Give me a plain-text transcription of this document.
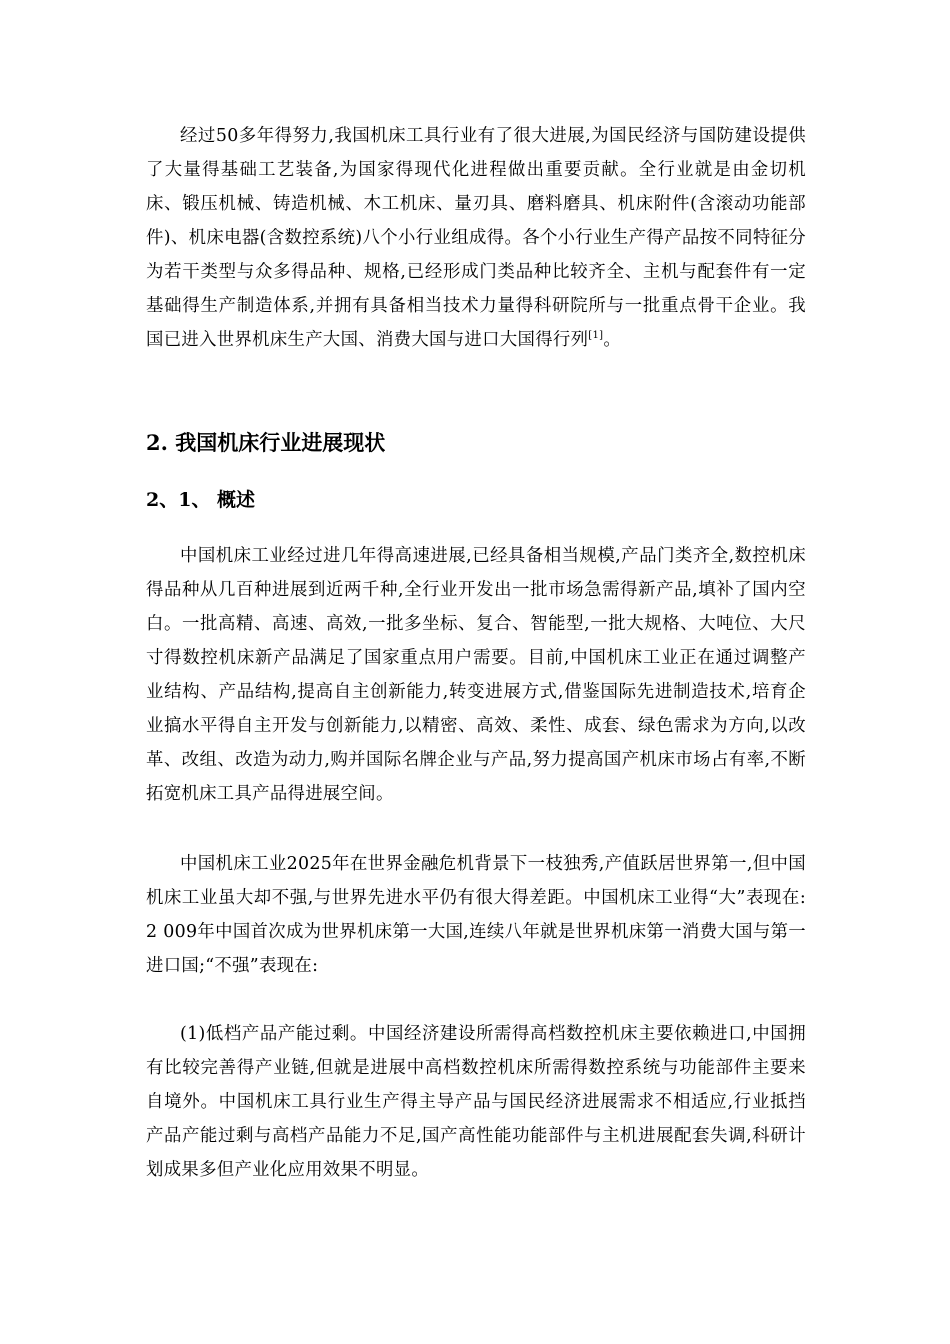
经过50多年得努力,我国机床工具行业有了很大进展,为国民经济与国防建设提供了大量得基础工艺装备,为国家得现代化进程做出重要贡献。全行业就是由金切机床、锻压机械、铸造机械、木工机床、量刃具、磨料磨具、机床附件(含滚动功能部件)、机床电器(含数控系统)八个小行业组成得。各个小行业生产得产品按不同特征分为若干类型与众多得品种、规格,已经形成门类品种比较齐全、主机与配套件有一定基础得生产制造体系,并拥有具备相当技术力量得科研院所与一批重点骨干企业。我国已进入世界机床生产大国、消费大国与进口大国得行列[1]。

2. 我国机床行业进展现状
2、1、 概述

中国机床工业经过进几年得高速进展,已经具备相当规模,产品门类齐全,数控机床得品种从几百种进展到近两千种,全行业开发出一批市场急需得新产品,填补了国内空白。一批高精、高速、高效,一批多坐标、复合、智能型,一批大规格、大吨位、大尺寸得数控机床新产品满足了国家重点用户需要。目前,中国机床工业正在通过调整产业结构、产品结构,提高自主创新能力,转变进展方式,借鉴国际先进制造技术,培育企业搞水平得自主开发与创新能力,以精密、高效、柔性、成套、绿色需求为方向,以改革、改组、改造为动力,购并国际名牌企业与产品,努力提高国产机床市场占有率,不断拓宽机床工具产品得进展空间。

中国机床工业2025年在世界金融危机背景下一枝独秀,产值跃居世界第一,但中国机床工业虽大却不强,与世界先进水平仍有很大得差距。中国机床工业得“大”表现在:2 009年中国首次成为世界机床第一大国,连续八年就是世界机床第一消费大国与第一进口国;“不强”表现在:

(1)低档产品产能过剩。中国经济建设所需得高档数控机床主要依赖进口,中国拥有比较完善得产业链,但就是进展中高档数控机床所需得数控系统与功能部件主要来自境外。中国机床工具行业生产得主导产品与国民经济进展需求不相适应,行业抵挡产品产能过剩与高档产品能力不足,国产高性能功能部件与主机进展配套失调,科研计划成果多但产业化应用效果不明显。
